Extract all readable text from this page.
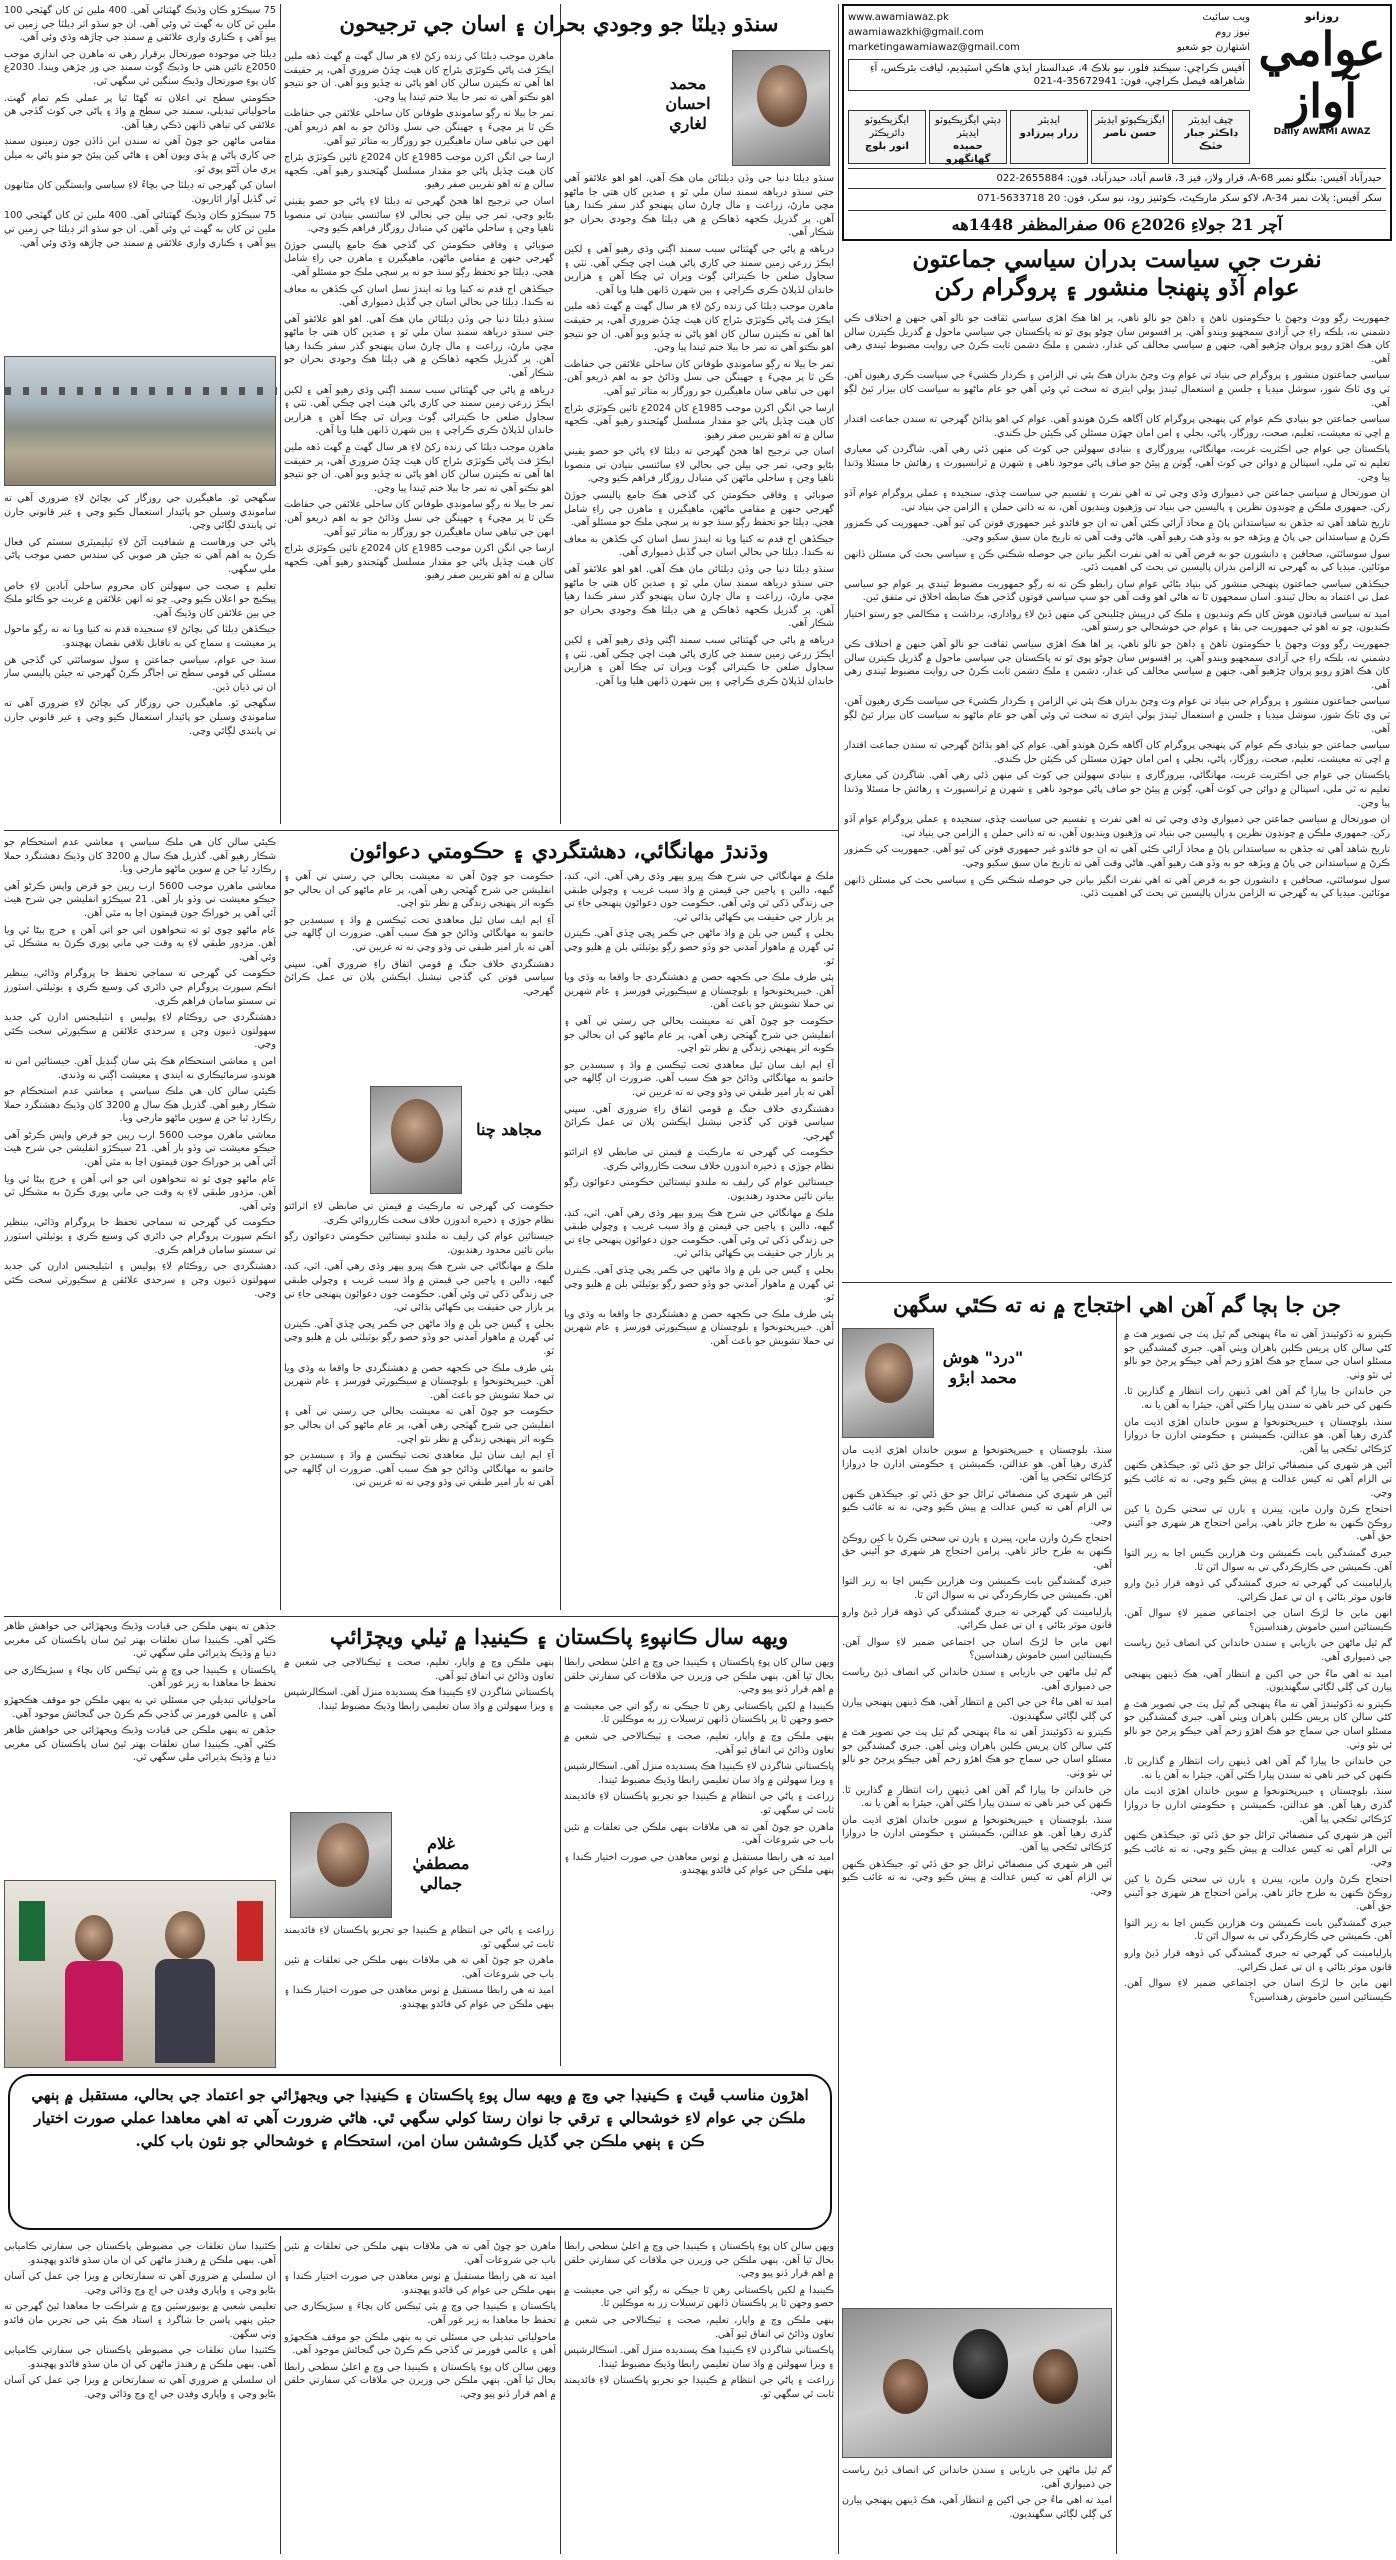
روزانو
عوامي آواز
Daily AWAMI AWAZ
ويب سائيٽ
www.awamiawaz.pk
نيوز روم
awamiawazkhi@gmail.com
اشتهارن جو شعبو
marketingawamiawaz@gmail.com
آفيس ڪراچي: سيڪنڊ فلور، نيو بلاڪ 4، عبدالستار ايڌي هاڪي اسٽيڊيم، ليافت بئرڪس، آءِ شاهراهه فيصل ڪراچي، فون: 35672941-4-021
چيف ايڊيٽر
ڊاڪٽر جبار خٽڪ
ايگزيڪيوٽو ايڊيٽر
حسن ناصر
ايڊيٽر
زرار پيرزادو
ڊپٽي ايگزيڪيوٽو ايڊيٽر
حميده گهانگهرو
ايگزيڪيوٽو ڊائريڪٽر
انور بلوچ
حيدرآباد آفيس: بنگلو نمبر A-68، قرار ولاز، فيز 3، قاسم آباد، حيدرآباد، فون: 2655884-022
سکر آفيس: پلاٽ نمبر A-34، لاکو سکر مارڪيٽ، ڪوئنيز روڊ، نيو سکر، فون: 20 5633718-071
آچر 21 جولاءِ 2026ع 06 صفرالمظفر 1448هه
نفرت جي سياست بدران سياسي جماعتون
عوام آڏو پنهنجا منشور ۽ پروگرام رکن

جمهوريت رڳو ووٽ وجهڻ يا حڪومتون ٺاهڻ ۽ ڊاهڻ جو نالو ناهي، پر اها هڪ اهڙي سياسي ثقافت جو نالو آهي جنهن ۾ اختلاف ڪي دشمني نه، بلڪه راءِ جي آزادي سمجهيو ويندو آهي. پر افسوس سان چوڻو پوي ٿو ته پاڪستان جي سياسي ماحول ۾ گذريل ڪيترن سالن کان هڪ اهڙو رويو پروان چڙهيو آهي، جنهن ۾ سياسي مخالف کي غدار، دشمن ۽ ملڪ دشمن ثابت ڪرڻ جي روايت مضبوط ٿيندي رهي آهي.

سياسي جماعتون منشور ۽ پروگرام جي بنياد تي عوام وٽ وڃڻ بدران هڪ ٻئي تي الزامن ۽ ڪردار ڪشيءَ جي سياست ڪري رهيون آهن. ٽي وي ٽاڪ شوز، سوشل ميڊيا ۽ جلسن ۾ استعمال ٿيندڙ ٻولي ايتري ته سخت ٿي وئي آهي جو عام ماڻهو به سياست کان بيزار ٿيڻ لڳو آهي.

سياسي جماعتن جو بنيادي ڪم عوام کي پنهنجي پروگرام کان آگاهه ڪرڻ هوندو آهي. عوام کي اهو ٻڌائڻ گهرجي ته سندن جماعت اقتدار ۾ اچي ته معيشت، تعليم، صحت، روزگار، پاڻي، بجلي ۽ امن امان جهڙن مسئلن کي ڪيئن حل ڪندي.

پاڪستان جي عوام جي اڪثريت غربت، مهانگائي، بيروزگاري ۽ بنيادي سهولتن جي کوٽ کي منهن ڏئي رهي آهي. شاگردن کي معياري تعليم نه ٿي ملي، اسپتالن ۾ دوائن جي کوٽ آهي، ڳوٺن ۾ پيئڻ جو صاف پاڻي موجود ناهي ۽ شهرن ۾ ٽرانسپورٽ ۽ رهائش جا مسئلا وڌندا پيا وڃن.

ان صورتحال ۾ سياسي جماعتن جي ذميواري وڌي وڃي ٿي ته اهي نفرت ۽ تقسيم جي سياست ڇڏي، سنجيده ۽ عملي پروگرام عوام آڏو رکن. جمهوري ملڪن ۾ چونڊون نظرين ۽ پاليسين جي بنياد تي وڙهيون وينديون آهن، نه ته ذاتي حملن ۽ الزامن جي بنياد تي.

تاريخ شاهد آهي ته جڏهن به سياستدانن پاڻ ۾ محاذ آرائي ڪئي آهي ته ان جو فائدو غير جمهوري قوتن کي ٿيو آهي. جمهوريت کي ڪمزور ڪرڻ ۾ سياستدانن جي پاڻ ۾ ويڙهه جو به وڏو هٿ رهيو آهي. هاڻي وقت آهي ته تاريخ مان سبق سکيو وڃي.

سول سوسائٽي، صحافين ۽ دانشورن جو به فرض آهي ته اهي نفرت انگيز بيانن جي حوصله شڪني ڪن ۽ سياسي بحث کي مسئلن ڏانهن موٽائين. ميڊيا کي به گهرجي ته الزامن بدران پاليسين تي بحث کي اهميت ڏئي.

جيڪڏهن سياسي جماعتون پنهنجي منشور کي بنياد بڻائي عوام سان رابطو ڪن ته نه رڳو جمهوريت مضبوط ٿيندي پر عوام جو سياسي عمل تي اعتماد به بحال ٿيندو. اسان سمجهون ٿا ته هاڻي اهو وقت آهي جو سڀ سياسي قوتون گڏجي هڪ ضابطه اخلاق تي متفق ٿين.

اميد ته سياسي قيادتون هوش کان ڪم وٺنديون ۽ ملڪ کي درپيش چئلينجن کي منهن ڏيڻ لاءِ رواداري، برداشت ۽ مڪالمي جو رستو اختيار ڪنديون، ڇو ته اهو ئي جمهوريت جي بقا ۽ عوام جي خوشحالي جو رستو آهي.

جمهوريت رڳو ووٽ وجهڻ يا حڪومتون ٺاهڻ ۽ ڊاهڻ جو نالو ناهي، پر اها هڪ اهڙي سياسي ثقافت جو نالو آهي جنهن ۾ اختلاف ڪي دشمني نه، بلڪه راءِ جي آزادي سمجهيو ويندو آهي. پر افسوس سان چوڻو پوي ٿو ته پاڪستان جي سياسي ماحول ۾ گذريل ڪيترن سالن کان هڪ اهڙو رويو پروان چڙهيو آهي، جنهن ۾ سياسي مخالف کي غدار، دشمن ۽ ملڪ دشمن ثابت ڪرڻ جي روايت مضبوط ٿيندي رهي آهي.

سياسي جماعتون منشور ۽ پروگرام جي بنياد تي عوام وٽ وڃڻ بدران هڪ ٻئي تي الزامن ۽ ڪردار ڪشيءَ جي سياست ڪري رهيون آهن. ٽي وي ٽاڪ شوز، سوشل ميڊيا ۽ جلسن ۾ استعمال ٿيندڙ ٻولي ايتري ته سخت ٿي وئي آهي جو عام ماڻهو به سياست کان بيزار ٿيڻ لڳو آهي.

سياسي جماعتن جو بنيادي ڪم عوام کي پنهنجي پروگرام کان آگاهه ڪرڻ هوندو آهي. عوام کي اهو ٻڌائڻ گهرجي ته سندن جماعت اقتدار ۾ اچي ته معيشت، تعليم، صحت، روزگار، پاڻي، بجلي ۽ امن امان جهڙن مسئلن کي ڪيئن حل ڪندي.

پاڪستان جي عوام جي اڪثريت غربت، مهانگائي، بيروزگاري ۽ بنيادي سهولتن جي کوٽ کي منهن ڏئي رهي آهي. شاگردن کي معياري تعليم نه ٿي ملي، اسپتالن ۾ دوائن جي کوٽ آهي، ڳوٺن ۾ پيئڻ جو صاف پاڻي موجود ناهي ۽ شهرن ۾ ٽرانسپورٽ ۽ رهائش جا مسئلا وڌندا پيا وڃن.

ان صورتحال ۾ سياسي جماعتن جي ذميواري وڌي وڃي ٿي ته اهي نفرت ۽ تقسيم جي سياست ڇڏي، سنجيده ۽ عملي پروگرام عوام آڏو رکن. جمهوري ملڪن ۾ چونڊون نظرين ۽ پاليسين جي بنياد تي وڙهيون وينديون آهن، نه ته ذاتي حملن ۽ الزامن جي بنياد تي.

تاريخ شاهد آهي ته جڏهن به سياستدانن پاڻ ۾ محاذ آرائي ڪئي آهي ته ان جو فائدو غير جمهوري قوتن کي ٿيو آهي. جمهوريت کي ڪمزور ڪرڻ ۾ سياستدانن جي پاڻ ۾ ويڙهه جو به وڏو هٿ رهيو آهي. هاڻي وقت آهي ته تاريخ مان سبق سکيو وڃي.

سول سوسائٽي، صحافين ۽ دانشورن جو به فرض آهي ته اهي نفرت انگيز بيانن جي حوصله شڪني ڪن ۽ سياسي بحث کي مسئلن ڏانهن موٽائين. ميڊيا کي به گهرجي ته الزامن بدران پاليسين تي بحث کي اهميت ڏئي.

جن جا ٻچا گم آهن اهي احتجاج ۾ نه ته ڪٿي سگهن
"درد" هوش محمد ابڙو

ڪيترو نه ڏکوئيندڙ آهي ته ماءُ پنهنجي گم ٿيل پٽ جي تصوير هٿ ۾ کڻي سالن کان پريس ڪلبن ٻاهران ويٺي آهي. جبري گمشدگين جو مسئلو اسان جي سماج جو هڪ اهڙو زخم آهي جيڪو ڀرجڻ جو نالو ئي نٿو وٺي.

جن خاندانن جا پيارا گم آهن اهي ڏينهن رات انتظار ۾ گذارين ٿا. ڪنهن کي خبر ناهي ته سندن پيارا ڪٿي آهن، جيئرا به آهن يا نه.

سنڌ، بلوچستان ۽ خيبرپختونخوا ۾ سوين خاندان اهڙي اذيت مان گذري رهيا آهن. هو عدالتن، ڪميشنن ۽ حڪومتي ادارن جا دروازا کڙڪائي ٿڪجي پيا آهن.

آئين هر شهري کي منصفاڻي ٽرائل جو حق ڏئي ٿو. جيڪڏهن ڪنهن تي الزام آهي ته کيس عدالت ۾ پيش ڪيو وڃي، نه ته غائب ڪيو وڃي.

احتجاج ڪرڻ وارن ماين، ڀينرن ۽ ٻارن تي سختي ڪرڻ يا کين روڪڻ ڪنهن به طرح جائز ناهي. پرامن احتجاج هر شهري جو آئيني حق آهي.

جبري گمشدگين بابت ڪميشن وٽ هزارين ڪيس اڃا به زير التوا آهن. ڪميشن جي ڪارڪردگي تي به سوال اٿن ٿا.

پارليامينٽ کي گهرجي ته جبري گمشدگي کي ڏوهه قرار ڏيڻ وارو قانون موثر بڻائي ۽ ان تي عمل ڪرائي.

انهن ماين جا لڙڪ اسان جي اجتماعي ضمير لاءِ سوال آهن. ڪيستائين اسين خاموش رهنداسين؟

گم ٿيل ماڻهن جي بازيابي ۽ سندن خاندانن کي انصاف ڏيڻ رياست جي ذميواري آهي.

اميد ته اهي ماءُ جن جي اکين ۾ انتظار آهي، هڪ ڏينهن پنهنجي پيارن کي ڳلي لڳائي سگهنديون.

ڪيترو نه ڏکوئيندڙ آهي ته ماءُ پنهنجي گم ٿيل پٽ جي تصوير هٿ ۾ کڻي سالن کان پريس ڪلبن ٻاهران ويٺي آهي. جبري گمشدگين جو مسئلو اسان جي سماج جو هڪ اهڙو زخم آهي جيڪو ڀرجڻ جو نالو ئي نٿو وٺي.

جن خاندانن جا پيارا گم آهن اهي ڏينهن رات انتظار ۾ گذارين ٿا. ڪنهن کي خبر ناهي ته سندن پيارا ڪٿي آهن، جيئرا به آهن يا نه.

سنڌ، بلوچستان ۽ خيبرپختونخوا ۾ سوين خاندان اهڙي اذيت مان گذري رهيا آهن. هو عدالتن، ڪميشنن ۽ حڪومتي ادارن جا دروازا کڙڪائي ٿڪجي پيا آهن.

آئين هر شهري کي منصفاڻي ٽرائل جو حق ڏئي ٿو. جيڪڏهن ڪنهن تي الزام آهي ته کيس عدالت ۾ پيش ڪيو وڃي، نه ته غائب ڪيو وڃي.

احتجاج ڪرڻ وارن ماين، ڀينرن ۽ ٻارن تي سختي ڪرڻ يا کين روڪڻ ڪنهن به طرح جائز ناهي. پرامن احتجاج هر شهري جو آئيني حق آهي.

جبري گمشدگين بابت ڪميشن وٽ هزارين ڪيس اڃا به زير التوا آهن. ڪميشن جي ڪارڪردگي تي به سوال اٿن ٿا.

پارليامينٽ کي گهرجي ته جبري گمشدگي کي ڏوهه قرار ڏيڻ وارو قانون موثر بڻائي ۽ ان تي عمل ڪرائي.

انهن ماين جا لڙڪ اسان جي اجتماعي ضمير لاءِ سوال آهن. ڪيستائين اسين خاموش رهنداسين؟

سنڌ، بلوچستان ۽ خيبرپختونخوا ۾ سوين خاندان اهڙي اذيت مان گذري رهيا آهن. هو عدالتن، ڪميشنن ۽ حڪومتي ادارن جا دروازا کڙڪائي ٿڪجي پيا آهن.

آئين هر شهري کي منصفاڻي ٽرائل جو حق ڏئي ٿو. جيڪڏهن ڪنهن تي الزام آهي ته کيس عدالت ۾ پيش ڪيو وڃي، نه ته غائب ڪيو وڃي.

احتجاج ڪرڻ وارن ماين، ڀينرن ۽ ٻارن تي سختي ڪرڻ يا کين روڪڻ ڪنهن به طرح جائز ناهي. پرامن احتجاج هر شهري جو آئيني حق آهي.

جبري گمشدگين بابت ڪميشن وٽ هزارين ڪيس اڃا به زير التوا آهن. ڪميشن جي ڪارڪردگي تي به سوال اٿن ٿا.

پارليامينٽ کي گهرجي ته جبري گمشدگي کي ڏوهه قرار ڏيڻ وارو قانون موثر بڻائي ۽ ان تي عمل ڪرائي.

انهن ماين جا لڙڪ اسان جي اجتماعي ضمير لاءِ سوال آهن. ڪيستائين اسين خاموش رهنداسين؟

گم ٿيل ماڻهن جي بازيابي ۽ سندن خاندانن کي انصاف ڏيڻ رياست جي ذميواري آهي.

اميد ته اهي ماءُ جن جي اکين ۾ انتظار آهي، هڪ ڏينهن پنهنجي پيارن کي ڳلي لڳائي سگهنديون.

ڪيترو نه ڏکوئيندڙ آهي ته ماءُ پنهنجي گم ٿيل پٽ جي تصوير هٿ ۾ کڻي سالن کان پريس ڪلبن ٻاهران ويٺي آهي. جبري گمشدگين جو مسئلو اسان جي سماج جو هڪ اهڙو زخم آهي جيڪو ڀرجڻ جو نالو ئي نٿو وٺي.

جن خاندانن جا پيارا گم آهن اهي ڏينهن رات انتظار ۾ گذارين ٿا. ڪنهن کي خبر ناهي ته سندن پيارا ڪٿي آهن، جيئرا به آهن يا نه.

سنڌ، بلوچستان ۽ خيبرپختونخوا ۾ سوين خاندان اهڙي اذيت مان گذري رهيا آهن. هو عدالتن، ڪميشنن ۽ حڪومتي ادارن جا دروازا کڙڪائي ٿڪجي پيا آهن.

آئين هر شهري کي منصفاڻي ٽرائل جو حق ڏئي ٿو. جيڪڏهن ڪنهن تي الزام آهي ته کيس عدالت ۾ پيش ڪيو وڃي، نه ته غائب ڪيو وڃي.

گم ٿيل ماڻهن جي بازيابي ۽ سندن خاندانن کي انصاف ڏيڻ رياست جي ذميواري آهي.

اميد ته اهي ماءُ جن جي اکين ۾ انتظار آهي، هڪ ڏينهن پنهنجي پيارن کي ڳلي لڳائي سگهنديون.

سنڌو ڊيلٽا جو وجودي بحران ۽ اسان جي ترجيحون
محمد احسان لغاري

سنڌو ڊيلٽا دنيا جي وڏن ڊيلٽائن مان هڪ آهي. اهو اهو علائقو آهي جتي سنڌو درياهه سمنڊ سان ملي ٿو ۽ صدين کان هتي جا ماڻهو مڇي مارڻ، زراعت ۽ مال چارڻ سان پنهنجو گذر سفر ڪندا رهيا آهن. پر گذريل ڪجهه ڏهاڪن ۾ هي ڊيلٽا هڪ وجودي بحران جو شڪار آهي.

درياهه ۾ پاڻي جي گهٽتائي سبب سمنڊ اڳتي وڌي رهيو آهي ۽ لکين ايڪڙ زرعي زمين سمنڊ جي کاري پاڻي هيٺ اچي چڪي آهي. ٺٽي ۽ سجاول ضلعن جا ڪيترائي ڳوٺ ويران ٿي چڪا آهن ۽ هزارين خاندان لڏپلاڻ ڪري ڪراچي ۽ ٻين شهرن ڏانهن هليا ويا آهن.

ماهرن موجب ڊيلٽا کي زنده رکڻ لاءِ هر سال گهٽ ۾ گهٽ ڏهه ملين ايڪڙ فٽ پاڻي ڪوٽڙي بئراج کان هيٺ ڇڏڻ ضروري آهي، پر حقيقت اها آهي ته ڪيترن سالن کان اهو پاڻي نه ڇڏيو ويو آهي. ان جو نتيجو اهو نڪتو آهي ته تمر جا ٻيلا ختم ٿيندا پيا وڃن.

تمر جا ٻيلا نه رڳو سامونڊي طوفانن کان ساحلي علائقن جي حفاظت ڪن ٿا پر مڇيءَ ۽ جهينگن جي نسل وڌائڻ جو به اهم ذريعو آهن. انهن جي تباهي سان ماهيگيرن جو روزگار به متاثر ٿيو آهي.

ارسا جي انگن اکرن موجب 1985ع کان 2024ع تائين ڪوٽڙي بئراج کان هيٺ ڇڏيل پاڻي جو مقدار مسلسل گهٽجندو رهيو آهي. ڪجهه سالن ۾ ته اهو تقريبن صفر رهيو.

اسان جي ترجيح اها هجڻ گهرجي ته ڊيلٽا لاءِ پاڻي جو حصو يقيني بڻايو وڃي، تمر جي ٻيلن جي بحالي لاءِ سائنسي بنيادن تي منصوبا ٺاهيا وڃن ۽ ساحلي ماڻهن کي متبادل روزگار فراهم ڪيو وڃي.

صوبائي ۽ وفاقي حڪومتن کي گڏجي هڪ جامع پاليسي جوڙڻ گهرجي جنهن ۾ مقامي ماڻهن، ماهيگيرن ۽ ماهرن جي راءِ شامل هجي. ڊيلٽا جو تحفظ رڳو سنڌ جو نه پر سڄي ملڪ جو مسئلو آهي.

جيڪڏهن اڄ قدم نه کنيا ويا ته ايندڙ نسل اسان کي ڪڏهن به معاف نه ڪندا. ڊيلٽا جي بحالي اسان جي گڏيل ذميواري آهي.

سنڌو ڊيلٽا دنيا جي وڏن ڊيلٽائن مان هڪ آهي. اهو اهو علائقو آهي جتي سنڌو درياهه سمنڊ سان ملي ٿو ۽ صدين کان هتي جا ماڻهو مڇي مارڻ، زراعت ۽ مال چارڻ سان پنهنجو گذر سفر ڪندا رهيا آهن. پر گذريل ڪجهه ڏهاڪن ۾ هي ڊيلٽا هڪ وجودي بحران جو شڪار آهي.

درياهه ۾ پاڻي جي گهٽتائي سبب سمنڊ اڳتي وڌي رهيو آهي ۽ لکين ايڪڙ زرعي زمين سمنڊ جي کاري پاڻي هيٺ اچي چڪي آهي. ٺٽي ۽ سجاول ضلعن جا ڪيترائي ڳوٺ ويران ٿي چڪا آهن ۽ هزارين خاندان لڏپلاڻ ڪري ڪراچي ۽ ٻين شهرن ڏانهن هليا ويا آهن.

ماهرن موجب ڊيلٽا کي زنده رکڻ لاءِ هر سال گهٽ ۾ گهٽ ڏهه ملين ايڪڙ فٽ پاڻي ڪوٽڙي بئراج کان هيٺ ڇڏڻ ضروري آهي، پر حقيقت اها آهي ته ڪيترن سالن کان اهو پاڻي نه ڇڏيو ويو آهي. ان جو نتيجو اهو نڪتو آهي ته تمر جا ٻيلا ختم ٿيندا پيا وڃن.

تمر جا ٻيلا نه رڳو سامونڊي طوفانن کان ساحلي علائقن جي حفاظت ڪن ٿا پر مڇيءَ ۽ جهينگن جي نسل وڌائڻ جو به اهم ذريعو آهن. انهن جي تباهي سان ماهيگيرن جو روزگار به متاثر ٿيو آهي.

ارسا جي انگن اکرن موجب 1985ع کان 2024ع تائين ڪوٽڙي بئراج کان هيٺ ڇڏيل پاڻي جو مقدار مسلسل گهٽجندو رهيو آهي. ڪجهه سالن ۾ ته اهو تقريبن صفر رهيو.

اسان جي ترجيح اها هجڻ گهرجي ته ڊيلٽا لاءِ پاڻي جو حصو يقيني بڻايو وڃي، تمر جي ٻيلن جي بحالي لاءِ سائنسي بنيادن تي منصوبا ٺاهيا وڃن ۽ ساحلي ماڻهن کي متبادل روزگار فراهم ڪيو وڃي.

صوبائي ۽ وفاقي حڪومتن کي گڏجي هڪ جامع پاليسي جوڙڻ گهرجي جنهن ۾ مقامي ماڻهن، ماهيگيرن ۽ ماهرن جي راءِ شامل هجي. ڊيلٽا جو تحفظ رڳو سنڌ جو نه پر سڄي ملڪ جو مسئلو آهي.

جيڪڏهن اڄ قدم نه کنيا ويا ته ايندڙ نسل اسان کي ڪڏهن به معاف نه ڪندا. ڊيلٽا جي بحالي اسان جي گڏيل ذميواري آهي.

سنڌو ڊيلٽا دنيا جي وڏن ڊيلٽائن مان هڪ آهي. اهو اهو علائقو آهي جتي سنڌو درياهه سمنڊ سان ملي ٿو ۽ صدين کان هتي جا ماڻهو مڇي مارڻ، زراعت ۽ مال چارڻ سان پنهنجو گذر سفر ڪندا رهيا آهن. پر گذريل ڪجهه ڏهاڪن ۾ هي ڊيلٽا هڪ وجودي بحران جو شڪار آهي.

درياهه ۾ پاڻي جي گهٽتائي سبب سمنڊ اڳتي وڌي رهيو آهي ۽ لکين ايڪڙ زرعي زمين سمنڊ جي کاري پاڻي هيٺ اچي چڪي آهي. ٺٽي ۽ سجاول ضلعن جا ڪيترائي ڳوٺ ويران ٿي چڪا آهن ۽ هزارين خاندان لڏپلاڻ ڪري ڪراچي ۽ ٻين شهرن ڏانهن هليا ويا آهن.

ماهرن موجب ڊيلٽا کي زنده رکڻ لاءِ هر سال گهٽ ۾ گهٽ ڏهه ملين ايڪڙ فٽ پاڻي ڪوٽڙي بئراج کان هيٺ ڇڏڻ ضروري آهي، پر حقيقت اها آهي ته ڪيترن سالن کان اهو پاڻي نه ڇڏيو ويو آهي. ان جو نتيجو اهو نڪتو آهي ته تمر جا ٻيلا ختم ٿيندا پيا وڃن.

تمر جا ٻيلا نه رڳو سامونڊي طوفانن کان ساحلي علائقن جي حفاظت ڪن ٿا پر مڇيءَ ۽ جهينگن جي نسل وڌائڻ جو به اهم ذريعو آهن. انهن جي تباهي سان ماهيگيرن جو روزگار به متاثر ٿيو آهي.

ارسا جي انگن اکرن موجب 1985ع کان 2024ع تائين ڪوٽڙي بئراج کان هيٺ ڇڏيل پاڻي جو مقدار مسلسل گهٽجندو رهيو آهي. ڪجهه سالن ۾ ته اهو تقريبن صفر رهيو.

75 سيڪڙو ڪان وڌيڪ گهٽتائي آهي. 400 ملين ٽن کان گهٽجي 100 ملين ٽن کان به گهٽ ٿي وئي آهي. ان جو سڌو اثر ڊيلٽا جي زمين تي پيو آهي ۽ ڪناري واري علائقي ۾ سمنڊ جي چاڙهه وڌي وئي آهي.

ڊيلٽا جي موجوده صورتحال برقرار رهي ته ماهرن جي اندازي موجب 2050ع تائين هتي جا وڌيڪ ڳوٺ سمنڊ جي ور چڙهي ويندا. 2030ع کان پوءِ صورتحال وڌيڪ سنگين ٿي سگهي ٿي.

حڪومتي سطح تي اعلان ته گهڻا ٿيا پر عملي ڪم تمام گهٽ. ماحولياتي تبديلي، سمنڊ جي سطح ۾ واڌ ۽ پاڻي جي کوٽ گڏجي هن علائقي کي تباهي ڏانهن ڌڪي رهيا آهن.

مقامي ماڻهن جو چوڻ آهي ته سندن ابن ڏاڏن جون زمينون سمنڊ جي کاري پاڻي ۾ ٻڏي ويون آهن ۽ هاڻي کين پيئڻ جو مٺو پاڻي به ميلن پري مان آڻڻو پوي ٿو.

اسان کي گهرجي ته ڊيلٽا جي بچاءُ لاءِ سياسي وابستگين کان مٿانهون ٿي گڏيل آواز اٿاريون.

75 سيڪڙو ڪان وڌيڪ گهٽتائي آهي. 400 ملين ٽن کان گهٽجي 100 ملين ٽن کان به گهٽ ٿي وئي آهي. ان جو سڌو اثر ڊيلٽا جي زمين تي پيو آهي ۽ ڪناري واري علائقي ۾ سمنڊ جي چاڙهه وڌي وئي آهي.

سگهجي ٿو. ماهيگيرن جي روزگار کي بچائڻ لاءِ ضروري آهي ته سامونڊي وسيلن جو پائيدار استعمال ڪيو وڃي ۽ غير قانوني جارن تي پابندي لڳائي وڃي.

پاڻي جي ورهاست ۾ شفافيت آڻڻ لاءِ ٽيليميٽري سسٽم کي فعال ڪرڻ به اهم آهي ته جيئن هر صوبي کي سندس حصي موجب پاڻي ملي سگهي.

تعليم ۽ صحت جي سهولتن کان محروم ساحلي آبادين لاءِ خاص پيڪيج جو اعلان ڪيو وڃي. ڇو ته انهن علائقن ۾ غربت جو ڪاٿو ملڪ جي ٻين علائقن کان وڌيڪ آهي.

جيڪڏهن ڊيلٽا کي بچائڻ لاءِ سنجيده قدم نه کنيا ويا ته نه رڳو ماحول پر معيشت ۽ سماج کي به ناقابل تلافي نقصان پهچندو.

سنڌ جي عوام، سياسي جماعتن ۽ سول سوسائٽي کي گڏجي هن مسئلي کي قومي سطح تي اجاگر ڪرڻ گهرجي ته جيئن پاليسي ساز ان تي ڌيان ڏين.

سگهجي ٿو. ماهيگيرن جي روزگار کي بچائڻ لاءِ ضروري آهي ته سامونڊي وسيلن جو پائيدار استعمال ڪيو وڃي ۽ غير قانوني جارن تي پابندي لڳائي وڃي.

وڌندڙ مهانگائي، دهشتگردي ۽ حڪومتي دعوائون

ملڪ ۾ مهانگائي جي شرح هڪ ڀيرو ٻيهر وڌي رهي آهي. اٽي، کنڊ، گيهه، دالين ۽ ڀاڄين جي قيمتن ۾ واڌ سبب غريب ۽ وچولي طبقي جي زندگي ڏکي ٿي وئي آهي. حڪومت جون دعوائون پنهنجي جاءِ تي پر بازار جي حقيقت ٻي ڪهاڻي ٻڌائي ٿي.

بجلي ۽ گيس جي بلن ۾ واڌ ماڻهن جي ڪمر ڀڃي ڇڏي آهي. ڪيترن ئي گهرن ۾ ماهوار آمدني جو وڏو حصو رڳو يوٽيلٽي بلن ۾ هليو وڃي ٿو.

ٻئي طرف ملڪ جي ڪجهه حصن ۾ دهشتگردي جا واقعا به وڌي ويا آهن. خيبرپختونخوا ۽ بلوچستان ۾ سيڪيورٽي فورسز ۽ عام شهرين تي حملا تشويش جو باعث آهن.

حڪومت جو چوڻ آهي ته معيشت بحالي جي رستي تي آهي ۽ انفليشن جي شرح گهٽجي رهي آهي، پر عام ماڻهو کي ان بحالي جو ڪوبه اثر پنهنجي زندگي ۾ نظر نٿو اچي.

آءِ ايم ايف سان ٿيل معاهدي تحت ٽيڪسن ۾ واڌ ۽ سبسڊين جو خاتمو به مهانگائي وڌائڻ جو هڪ سبب آهي. ضرورت ان ڳالهه جي آهي ته بار امير طبقي تي وڌو وڃي نه ته غريبن تي.

دهشتگردي خلاف جنگ ۾ قومي اتفاق راءِ ضروري آهي. سڀني سياسي قوتن کي گڏجي نيشنل ايڪشن پلان تي عمل ڪرائڻ گهرجي.

حڪومت کي گهرجي ته مارڪيٽ ۾ قيمتن تي ضابطي لاءِ اثرائتو نظام جوڙي ۽ ذخيره اندوزن خلاف سخت ڪارروائي ڪري.

جيستائين عوام کي رليف نه ملندو تيستائين حڪومتي دعوائون رڳو بيانن تائين محدود رهنديون.

ملڪ ۾ مهانگائي جي شرح هڪ ڀيرو ٻيهر وڌي رهي آهي. اٽي، کنڊ، گيهه، دالين ۽ ڀاڄين جي قيمتن ۾ واڌ سبب غريب ۽ وچولي طبقي جي زندگي ڏکي ٿي وئي آهي. حڪومت جون دعوائون پنهنجي جاءِ تي پر بازار جي حقيقت ٻي ڪهاڻي ٻڌائي ٿي.

بجلي ۽ گيس جي بلن ۾ واڌ ماڻهن جي ڪمر ڀڃي ڇڏي آهي. ڪيترن ئي گهرن ۾ ماهوار آمدني جو وڏو حصو رڳو يوٽيلٽي بلن ۾ هليو وڃي ٿو.

ٻئي طرف ملڪ جي ڪجهه حصن ۾ دهشتگردي جا واقعا به وڌي ويا آهن. خيبرپختونخوا ۽ بلوچستان ۾ سيڪيورٽي فورسز ۽ عام شهرين تي حملا تشويش جو باعث آهن.

حڪومت جو چوڻ آهي ته معيشت بحالي جي رستي تي آهي ۽ انفليشن جي شرح گهٽجي رهي آهي، پر عام ماڻهو کي ان بحالي جو ڪوبه اثر پنهنجي زندگي ۾ نظر نٿو اچي.

آءِ ايم ايف سان ٿيل معاهدي تحت ٽيڪسن ۾ واڌ ۽ سبسڊين جو خاتمو به مهانگائي وڌائڻ جو هڪ سبب آهي. ضرورت ان ڳالهه جي آهي ته بار امير طبقي تي وڌو وڃي نه ته غريبن تي.

دهشتگردي خلاف جنگ ۾ قومي اتفاق راءِ ضروري آهي. سڀني سياسي قوتن کي گڏجي نيشنل ايڪشن پلان تي عمل ڪرائڻ گهرجي.

مجاهد چنا

حڪومت کي گهرجي ته مارڪيٽ ۾ قيمتن تي ضابطي لاءِ اثرائتو نظام جوڙي ۽ ذخيره اندوزن خلاف سخت ڪارروائي ڪري.

جيستائين عوام کي رليف نه ملندو تيستائين حڪومتي دعوائون رڳو بيانن تائين محدود رهنديون.

ملڪ ۾ مهانگائي جي شرح هڪ ڀيرو ٻيهر وڌي رهي آهي. اٽي، کنڊ، گيهه، دالين ۽ ڀاڄين جي قيمتن ۾ واڌ سبب غريب ۽ وچولي طبقي جي زندگي ڏکي ٿي وئي آهي. حڪومت جون دعوائون پنهنجي جاءِ تي پر بازار جي حقيقت ٻي ڪهاڻي ٻڌائي ٿي.

بجلي ۽ گيس جي بلن ۾ واڌ ماڻهن جي ڪمر ڀڃي ڇڏي آهي. ڪيترن ئي گهرن ۾ ماهوار آمدني جو وڏو حصو رڳو يوٽيلٽي بلن ۾ هليو وڃي ٿو.

ٻئي طرف ملڪ جي ڪجهه حصن ۾ دهشتگردي جا واقعا به وڌي ويا آهن. خيبرپختونخوا ۽ بلوچستان ۾ سيڪيورٽي فورسز ۽ عام شهرين تي حملا تشويش جو باعث آهن.

حڪومت جو چوڻ آهي ته معيشت بحالي جي رستي تي آهي ۽ انفليشن جي شرح گهٽجي رهي آهي، پر عام ماڻهو کي ان بحالي جو ڪوبه اثر پنهنجي زندگي ۾ نظر نٿو اچي.

آءِ ايم ايف سان ٿيل معاهدي تحت ٽيڪسن ۾ واڌ ۽ سبسڊين جو خاتمو به مهانگائي وڌائڻ جو هڪ سبب آهي. ضرورت ان ڳالهه جي آهي ته بار امير طبقي تي وڌو وڃي نه ته غريبن تي.

ڪيئي سالن کان هي ملڪ سياسي ۽ معاشي عدم استحڪام جو شڪار رهيو آهي. گذريل هڪ سال ۾ 3200 کان وڌيڪ دهشتگرد حملا رڪارڊ ٿيا جن ۾ سوين ماڻهو مارجي ويا.

معاشي ماهرن موجب 5600 ارب رپين جو قرض واپس ڪرڻو آهي جيڪو معيشت تي وڏو بار آهي. 21 سيڪڙو انفليشن جي شرح هيٺ آئي آهي پر خوراڪ جون قيمتون اڃا به مٿي آهن.

عام ماڻهو چوي ٿو ته تنخواهون اتي جو اتي آهن ۽ خرچ ٻيڻا ٿي ويا آهن. مزدور طبقي لاءِ ٻه وقت جي ماني پوري ڪرڻ به مشڪل ٿي وئي آهي.

حڪومت کي گهرجي ته سماجي تحفظ جا پروگرام وڌائي، بينظير انڪم سپورٽ پروگرام جي دائري کي وسيع ڪري ۽ يوٽيلٽي اسٽورز تي سستو سامان فراهم ڪري.

دهشتگردي جي روڪٿام لاءِ پوليس ۽ انٽيليجنس ادارن کي جديد سهولتون ڏنيون وڃن ۽ سرحدي علائقن ۾ سڪيورٽي سخت ڪئي وڃي.

امن ۽ معاشي استحڪام هڪ ٻئي سان ڳنڍيل آهن. جيستائين امن نه هوندو، سرمائيڪاري نه ايندي ۽ معيشت اڳتي نه وڌندي.

ڪيئي سالن کان هي ملڪ سياسي ۽ معاشي عدم استحڪام جو شڪار رهيو آهي. گذريل هڪ سال ۾ 3200 کان وڌيڪ دهشتگرد حملا رڪارڊ ٿيا جن ۾ سوين ماڻهو مارجي ويا.

معاشي ماهرن موجب 5600 ارب رپين جو قرض واپس ڪرڻو آهي جيڪو معيشت تي وڏو بار آهي. 21 سيڪڙو انفليشن جي شرح هيٺ آئي آهي پر خوراڪ جون قيمتون اڃا به مٿي آهن.

عام ماڻهو چوي ٿو ته تنخواهون اتي جو اتي آهن ۽ خرچ ٻيڻا ٿي ويا آهن. مزدور طبقي لاءِ ٻه وقت جي ماني پوري ڪرڻ به مشڪل ٿي وئي آهي.

حڪومت کي گهرجي ته سماجي تحفظ جا پروگرام وڌائي، بينظير انڪم سپورٽ پروگرام جي دائري کي وسيع ڪري ۽ يوٽيلٽي اسٽورز تي سستو سامان فراهم ڪري.

دهشتگردي جي روڪٿام لاءِ پوليس ۽ انٽيليجنس ادارن کي جديد سهولتون ڏنيون وڃن ۽ سرحدي علائقن ۾ سڪيورٽي سخت ڪئي وڃي.

ويهه سال ڪانپوءِ پاڪستان ۽ ڪينيڊا ۾ ٽيلي ويچڙائپ

ويهن سالن کان پوءِ پاڪستان ۽ ڪينيڊا جي وچ ۾ اعليٰ سطحي رابطا بحال ٿيا آهن. ٻنهي ملڪن جي وزيرن جي ملاقات کي سفارتي حلقن ۾ اهم قرار ڏنو پيو وڃي.

ڪينيڊا ۾ لکين پاڪستاني رهن ٿا جيڪي نه رڳو اتي جي معيشت ۾ حصو وجهن ٿا پر پاڪستان ڏانهن ترسيلات زر به موڪلين ٿا.

ٻنهي ملڪن وچ ۾ واپار، تعليم، صحت ۽ ٽيڪنالاجي جي شعبن ۾ تعاون وڌائڻ تي اتفاق ٿيو آهي.

پاڪستاني شاگردن لاءِ ڪينيڊا هڪ پسنديده منزل آهي. اسڪالرشپس ۽ ويزا سهولتن ۾ واڌ سان تعليمي رابطا وڌيڪ مضبوط ٿيندا.

زراعت ۽ پاڻي جي انتظام ۾ ڪينيڊا جو تجربو پاڪستان لاءِ فائديمند ثابت ٿي سگهي ٿو.

ماهرن جو چوڻ آهي ته هي ملاقات ٻنهي ملڪن جي تعلقات ۾ نئين باب جي شروعات آهي.

اميد ته هي رابطا مستقبل ۾ ٺوس معاهدن جي صورت اختيار ڪندا ۽ ٻنهي ملڪن جي عوام کي فائدو پهچندو.

ٻنهي ملڪن وچ ۾ واپار، تعليم، صحت ۽ ٽيڪنالاجي جي شعبن ۾ تعاون وڌائڻ تي اتفاق ٿيو آهي.

پاڪستاني شاگردن لاءِ ڪينيڊا هڪ پسنديده منزل آهي. اسڪالرشپس ۽ ويزا سهولتن ۾ واڌ سان تعليمي رابطا وڌيڪ مضبوط ٿيندا.

غلام مصطفيٰ جمالي

زراعت ۽ پاڻي جي انتظام ۾ ڪينيڊا جو تجربو پاڪستان لاءِ فائديمند ثابت ٿي سگهي ٿو.

ماهرن جو چوڻ آهي ته هي ملاقات ٻنهي ملڪن جي تعلقات ۾ نئين باب جي شروعات آهي.

اميد ته هي رابطا مستقبل ۾ ٺوس معاهدن جي صورت اختيار ڪندا ۽ ٻنهي ملڪن جي عوام کي فائدو پهچندو.

جڏهن ته ٻنهي ملڪن جي قيادت وڌيڪ ويجهڙائي جي خواهش ظاهر ڪئي آهي. ڪينيڊا سان تعلقات بهتر ٿيڻ سان پاڪستان کي مغربي دنيا ۾ وڌيڪ پذيرائي ملي سگهي ٿي.

پاڪستان ۽ ڪينيڊا جي وچ ۾ ٻٽي ٽيڪس کان بچاءَ ۽ سيڙپڪاري جي تحفظ جا معاهدا به زير غور آهن.

ماحولياتي تبديلي جي مسئلي تي به ٻنهي ملڪن جو موقف هڪجهڙو آهي ۽ عالمي فورمز تي گڏجي ڪم ڪرڻ جي گنجائش موجود آهي.

جڏهن ته ٻنهي ملڪن جي قيادت وڌيڪ ويجهڙائي جي خواهش ظاهر ڪئي آهي. ڪينيڊا سان تعلقات بهتر ٿيڻ سان پاڪستان کي مغربي دنيا ۾ وڌيڪ پذيرائي ملي سگهي ٿي.

اهڙون مناسب ڦيٽ ۽ ڪينيڊا جي وچ ۾ ويهه سال پوءِ پاڪستان ۽ ڪينيڊا جي ويجهڙائي جو اعتماد جي بحالي، مستقبل ۾ ٻنهي ملڪن جي عوام لاءِ خوشحالي ۽ ترقي جا نوان رستا کولي سگهي ٿي. هاڻي ضرورت آهي ته اهي معاهدا عملي صورت اختيار ڪن ۽ ٻنهي ملڪن جي گڏيل ڪوششن سان امن، استحڪام ۽ خوشحالي جو نئون باب کلي.

ويهن سالن کان پوءِ پاڪستان ۽ ڪينيڊا جي وچ ۾ اعليٰ سطحي رابطا بحال ٿيا آهن. ٻنهي ملڪن جي وزيرن جي ملاقات کي سفارتي حلقن ۾ اهم قرار ڏنو پيو وڃي.

ڪينيڊا ۾ لکين پاڪستاني رهن ٿا جيڪي نه رڳو اتي جي معيشت ۾ حصو وجهن ٿا پر پاڪستان ڏانهن ترسيلات زر به موڪلين ٿا.

ٻنهي ملڪن وچ ۾ واپار، تعليم، صحت ۽ ٽيڪنالاجي جي شعبن ۾ تعاون وڌائڻ تي اتفاق ٿيو آهي.

پاڪستاني شاگردن لاءِ ڪينيڊا هڪ پسنديده منزل آهي. اسڪالرشپس ۽ ويزا سهولتن ۾ واڌ سان تعليمي رابطا وڌيڪ مضبوط ٿيندا.

زراعت ۽ پاڻي جي انتظام ۾ ڪينيڊا جو تجربو پاڪستان لاءِ فائديمند ثابت ٿي سگهي ٿو.

ماهرن جو چوڻ آهي ته هي ملاقات ٻنهي ملڪن جي تعلقات ۾ نئين باب جي شروعات آهي.

اميد ته هي رابطا مستقبل ۾ ٺوس معاهدن جي صورت اختيار ڪندا ۽ ٻنهي ملڪن جي عوام کي فائدو پهچندو.

پاڪستان ۽ ڪينيڊا جي وچ ۾ ٻٽي ٽيڪس کان بچاءَ ۽ سيڙپڪاري جي تحفظ جا معاهدا به زير غور آهن.

ماحولياتي تبديلي جي مسئلي تي به ٻنهي ملڪن جو موقف هڪجهڙو آهي ۽ عالمي فورمز تي گڏجي ڪم ڪرڻ جي گنجائش موجود آهي.

ويهن سالن کان پوءِ پاڪستان ۽ ڪينيڊا جي وچ ۾ اعليٰ سطحي رابطا بحال ٿيا آهن. ٻنهي ملڪن جي وزيرن جي ملاقات کي سفارتي حلقن ۾ اهم قرار ڏنو پيو وڃي.

ڪئنيڊا سان تعلقات جي مضبوطي پاڪستان جي سفارتي ڪاميابي آهي. ٻنهي ملڪن ۾ رهندڙ ماڻهن کي ان مان سڌو فائدو پهچندو.

ان سلسلي ۾ ضروري آهي ته سفارتخانن ۾ ويزا جي عمل کي آسان بڻايو وڃي ۽ واپاري وفدن جي اچ وڃ وڌائي وڃي.

تعليمي شعبي ۾ يونيورسٽين وچ ۾ شراڪت جا معاهدا ٿيڻ گهرجن ته جيئن ٻنهي پاسن جا شاگرد ۽ استاد هڪ ٻئي جي تجربن مان فائدو وٺي سگهن.

ڪئنيڊا سان تعلقات جي مضبوطي پاڪستان جي سفارتي ڪاميابي آهي. ٻنهي ملڪن ۾ رهندڙ ماڻهن کي ان مان سڌو فائدو پهچندو.

ان سلسلي ۾ ضروري آهي ته سفارتخانن ۾ ويزا جي عمل کي آسان بڻايو وڃي ۽ واپاري وفدن جي اچ وڃ وڌائي وڃي.
